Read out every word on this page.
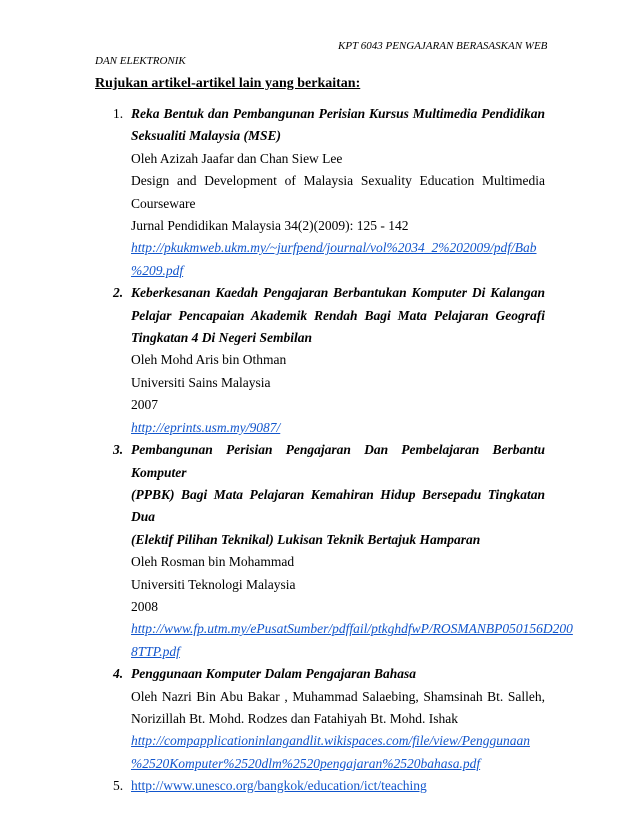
KPT 6043 PENGAJARAN BERASASKAN WEB
DAN ELEKTRONIK
Rujukan artikel-artikel lain yang berkaitan:
1. Reka Bentuk dan Pembangunan Perisian Kursus Multimedia Pendidikan
Seksualiti Malaysia (MSE)
Oleh Azizah Jaafar dan Chan Siew Lee
Design and Development of Malaysia Sexuality Education Multimedia
Courseware
Jurnal Pendidikan Malaysia 34(2)(2009): 125 - 142
http://pkukmweb.ukm.my/~jurfpend/journal/vol%2034_2%202009/pdf/Bab
%209.pdf
2. Keberkesanan Kaedah Pengajaran Berbantukan Komputer Di Kalangan
Pelajar Pencapaian Akademik Rendah Bagi Mata Pelajaran Geografi
Tingkatan 4 Di Negeri Sembilan
Oleh Mohd Aris bin Othman
Universiti Sains Malaysia
2007
http://eprints.usm.my/9087/
3. Pembangunan Perisian Pengajaran Dan Pembelajaran Berbantu Komputer
(PPBK) Bagi Mata Pelajaran Kemahiran Hidup Bersepadu Tingkatan Dua
(Elektif Pilihan Teknikal) Lukisan Teknik Bertajuk Hamparan
Oleh Rosman bin Mohammad
Universiti Teknologi Malaysia
2008
http://www.fp.utm.my/ePusatSumber/pdffail/ptkghdfwP/ROSMANBP050156D200
8TTP.pdf
4. Penggunaan Komputer Dalam Pengajaran Bahasa
Oleh Nazri Bin Abu Bakar , Muhammad Salaebing, Shamsinah Bt. Salleh,
Norizillah Bt. Mohd. Rodzes dan Fatahiyah Bt. Mohd. Ishak
http://compapplicationinlangandlit.wikispaces.com/file/view/Penggunaan
%2520Komputer%2520dlm%2520pengajaran%2520bahasa.pdf
5. http://www.unesco.org/bangkok/education/ict/teaching
